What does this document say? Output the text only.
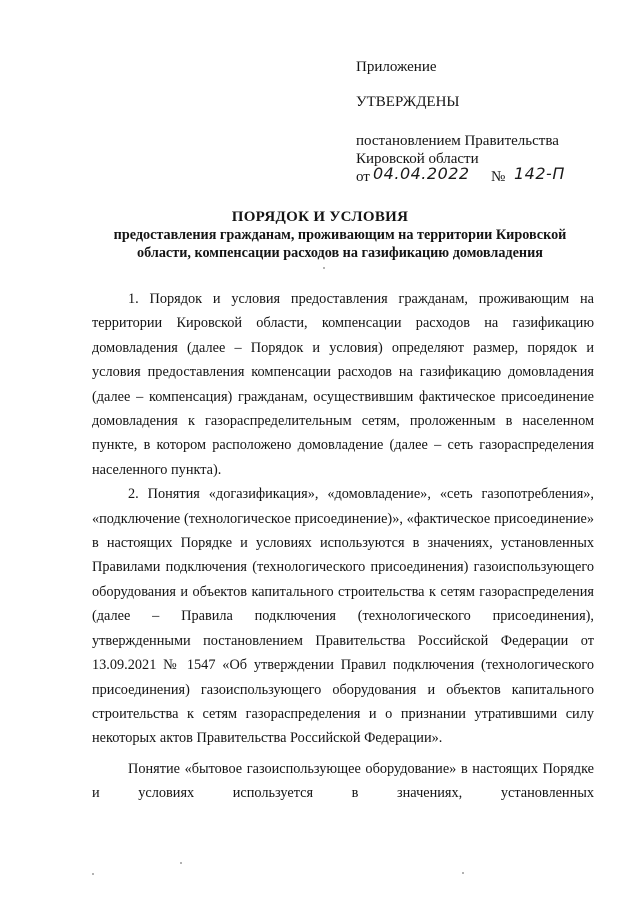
Приложение
УТВЕРЖДЕНЫ
постановлением Правительства
Кировской области
от 04.04.2022 № 142-П
ПОРЯДОК И УСЛОВИЯ
предоставления гражданам, проживающим на территории Кировской области, компенсации расходов на газификацию домовладения

1. Порядок и условия предоставления гражданам, проживающим на территории Кировской области, компенсации расходов на газификацию домовладения (далее – Порядок и условия) определяют размер, порядок и условия предоставления компенсации расходов на газификацию домовладения (далее – компенсация) гражданам, осуществившим фактическое присоединение домовладения к газораспределительным сетям, проложенным в населенном пункте, в котором расположено домовладение (далее – сеть газораспределения населенного пункта).

2. Понятия «догазификация», «домовладение», «сеть газопотребления», «подключение (технологическое присоединение)», «фактическое присоединение» в настоящих Порядке и условиях используются в значениях, установленных Правилами подключения (технологического присоединения) газоиспользующего оборудования и объектов капитального строительства к сетям газораспределения (далее – Правила подключения (технологического присоединения), утвержденными постановлением Правительства Российской Федерации от 13.09.2021 № 1547 «Об утверждении Правил подключения (технологического присоединения) газоиспользующего оборудования и объектов капитального строительства к сетям газораспределения и о признании утратившими силу некоторых актов Правительства Российской Федерации».

Понятие «бытовое газоиспользующее оборудование» в настоящих Порядке и условиях используется в значениях, установленных
